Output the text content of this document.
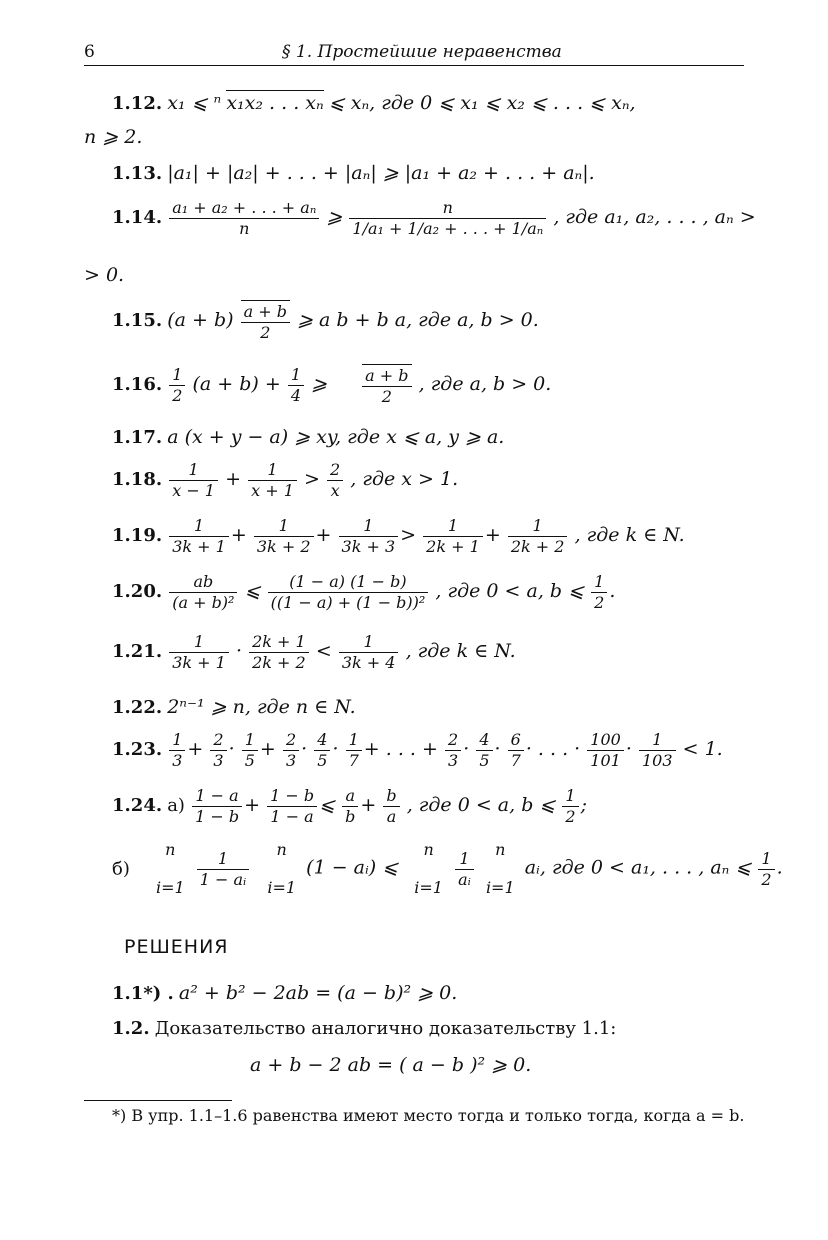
6	§ 1. Простейшие неравенства
1.12. x₁ ⩽ ⁿ x₁x₂ . . . xₙ ⩽ xₙ, где 0 ⩽ x₁ ⩽ x₂ ⩽ . . . ⩽ xₙ,
n ⩾ 2.
1.13. |a₁| + |a₂| + . . . + |aₙ| ⩾ |a₁ + a₂ + . . . + aₙ|.
1.14. $\frac{\text{a₁ + a₂ + . . . + aₙ}}{n}$ ⩾ $\frac{n}{\text{1/a₁ + 1/a₂ + . . . + 1/aₙ}}$ , где a₁, a₂, . . . , aₙ >
> 0.
1.15. $(a + b) \frac{a + b}{2}$ ⩾ a b + b a, где a, b > 0.
1.16. $\frac{1}{2} (a + b) + \frac{1}{4}$ ⩾ $\frac{a + b}{2}$ , где a, b > 0.
1.17. a (x + y − a) ⩾ xy, где x ⩽ a, y ⩾ a.
1.18. $\frac{1}{x - 1} + \frac{1}{x + 1} > \frac{2}{x}$ , где x > 1.
1.19. $\frac{1}{3k + 1} + \frac{1}{3k + 2} + \frac{1}{3k + 3} > \frac{1}{2k + 1} + \frac{1}{2k + 2}$ , где k ∈ N.
1.20. $\frac{ab}{\text{(a + b)²}}$ ⩽ $\frac{(1 - a) (1 - b)}{\text{((1 − a) + (1 − b))²}}$ , где 0 < a, b ⩽ $\frac{1}{2}$ .
1.21. $\frac{1}{3k + 1} \cdot \frac{2k + 1}{2k + 2} < \frac{1}{3k + 4}$ , где k ∈ N.
1.22. 2ⁿ⁻¹ ⩾ n, где n ∈ N.
1.23. $\frac{1}{3} + \frac{2}{3} \cdot \frac{1}{5} + \frac{2}{3} \cdot \frac{4}{5} \cdot \frac{1}{7}$ + . . . + $\frac{2}{3} \cdot \frac{4}{5} \cdot \frac{6}{7}$ · . . . · $\frac{100}{101} \cdot \frac{1}{103} < 1$.
1.24. $а) \frac{1 - a}{1 - b} + \frac{1 - b}{1 - a}$ ⩽ $\frac{a}{b} + \frac{b}{a}$ , где 0 < a, b ⩽ $\frac{1}{2}$ ;
б)
n
i=1
$\frac{1}{\text{1 − aᵢ}}$
	n
i=1
(1 − aᵢ) ⩽
n
i=1
$\frac{1}{\text{aᵢ}}$
	n
i=1
aᵢ, где 0 < a₁, . . . , aₙ ⩽ $\frac{1}{2}$ .
РЕШЕНИЯ
1.1*) . a² + b² − 2ab = (a − b)² ⩾ 0.
1.2. Доказательство аналогично доказательству 1.1:
a + b − 2 ab = ( a − b )² ⩾ 0.
*) В упр. 1.1–1.6 равенства имеют место тогда и только тогда, когда a = b.
